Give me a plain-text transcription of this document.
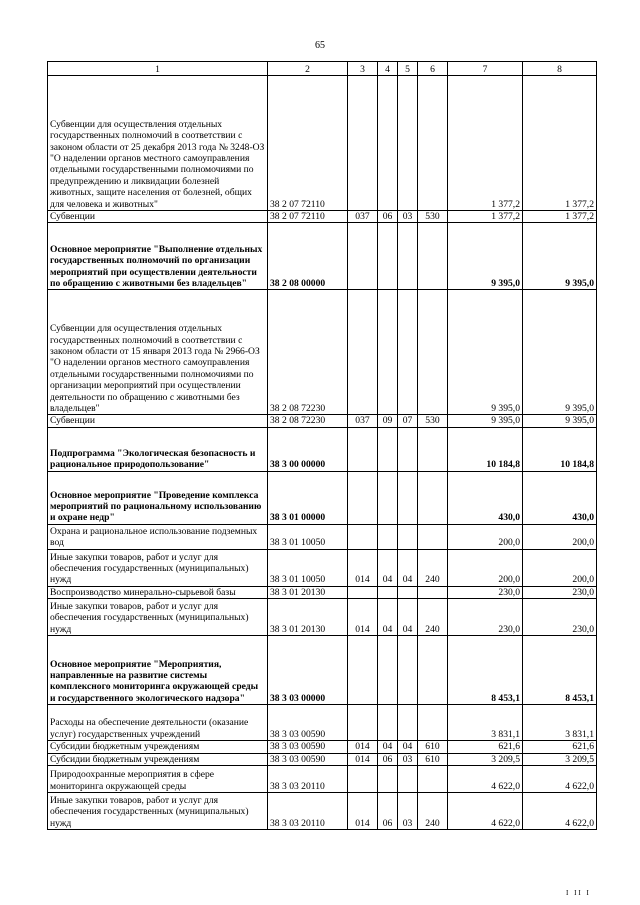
65
1	2	3	4	5	6	7	8
Субвенции для осуществления отдельных государственных полномочий в соответствии с законом области от 25 декабря 2013 года № 3248-ОЗ "О наделении органов местного самоуправления отдельными государственными полномочиями по предупреждению и ликвидации болезней животных, защите населения от болезней, общих для человека и животных"	38 2 07 72110					1 377,2	1 377,2
Субвенции	38 2 07 72110	037	06	03	530	1 377,2	1 377,2
Основное мероприятие "Выполнение отдельных государственных полномочий по организации мероприятий при осуществлении деятельности по обращению с животными без владельцев"	38 2 08 00000					9 395,0	9 395,0
Субвенции для осуществления отдельных государственных полномочий в соответствии с законом области от 15 января 2013 года № 2966-ОЗ "О наделении органов местного самоуправления отдельными государственными полномочиями по организации мероприятий при осуществлении деятельности по обращению с животными без владельцев"	38 2 08 72230					9 395,0	9 395,0
Субвенции	38 2 08 72230	037	09	07	530	9 395,0	9 395,0
Подпрограмма "Экологическая безопасность и рациональное природопользование"	38 3 00 00000					10 184,8	10 184,8
Основное мероприятие "Проведение комплекса мероприятий по рациональному использованию и охране недр"	38 3 01 00000					430,0	430,0
Охрана и рациональное использование подземных вод	38 3 01 10050					200,0	200,0
Иные закупки товаров, работ и услуг для обеспечения государственных (муниципальных) нужд	38 3 01 10050	014	04	04	240	200,0	200,0
Воспроизводство минерально-сырьевой базы	38 3 01 20130					230,0	230,0
Иные закупки товаров, работ и услуг для обеспечения государственных (муниципальных) нужд	38 3 01 20130	014	04	04	240	230,0	230,0
Основное мероприятие "Мероприятия, направленные на развитие системы комплексного мониторинга окружающей среды и государственного экологического надзора"	38 3 03 00000					8 453,1	8 453,1
Расходы на обеспечение деятельности (оказание услуг) государственных учреждений	38 3 03 00590					3 831,1	3 831,1
Субсидии бюджетным учреждениям	38 3 03 00590	014	04	04	610	621,6	621,6
Субсидии бюджетным учреждениям	38 3 03 00590	014	06	03	610	3 209,5	3 209,5
Природоохранные мероприятия в сфере мониторинга окружающей среды	38 3 03 20110					4 622,0	4 622,0
Иные закупки товаров, работ и услуг для обеспечения государственных (муниципальных) нужд	38 3 03 20110	014	06	03	240	4 622,0	4 622,0
I II I
